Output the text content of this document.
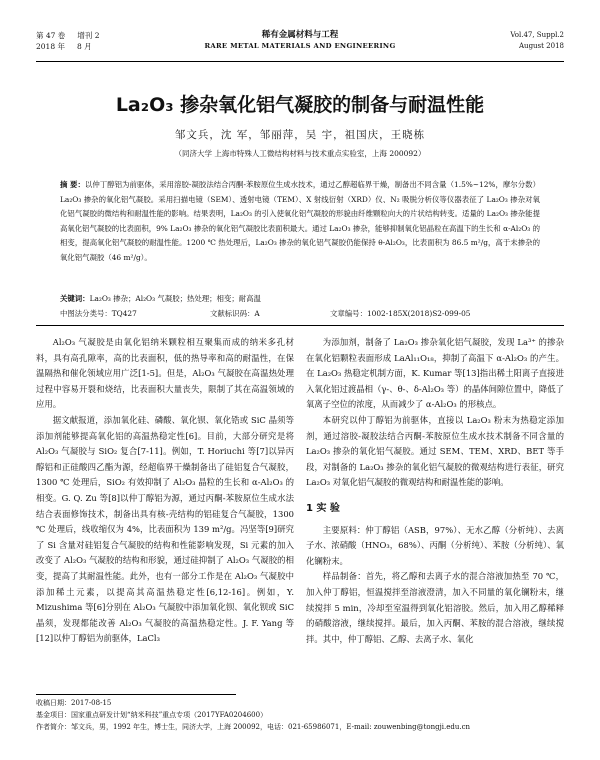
第 47 卷 增刊 2
2018 年 8 月
稀有金属材料与工程
RARE METAL MATERIALS AND ENGINEERING
Vol.47, Suppl.2
August 2018
La₂O₃ 掺杂氧化铝气凝胶的制备与耐温性能
邹文兵，沈 军，邹丽萍，吴 宇，祖国庆，王晓栋
（同济大学 上海市特殊人工微结构材料与技术重点实验室，上海 200092）
摘 要：以仲丁醇铝为前驱体，采用溶胶-凝胶法结合丙酮-苯胺原位生成水技术，通过乙醇超临界干燥，制备出不同含量（1.5%~12%，摩尔分数）La₂O₃ 掺杂的氧化铝气凝胶。采用扫描电镜（SEM）、透射电镜（TEM）、X 射线衍射（XRD）仪、N₂ 吸脱分析仪等仪器表征了 La₂O₃ 掺杂对氧化铝气凝胶的微结构和耐温性能的影响。结果表明，La₂O₃ 的引入使氧化铝气凝胶的形貌由纤维颗粒向大的片状结构转变。适量的 La₂O₃ 掺杂能提高氧化铝气凝胶的比表面积，9% La₂O₃ 掺杂的氧化铝气凝胶比表面积最大。通过 La₂O₃ 掺杂，能够抑制氧化铝晶粒在高温下的生长和 α-Al₂O₃ 的相变，提高氧化铝气凝胶的耐温性能。1200 ℃ 热处理后，La₂O₃ 掺杂的氧化铝气凝胶仍能保持 θ-Al₂O₃，比表面积为 86.5 m²/g，高于未掺杂的氧化铝气凝胶（46 m²/g）。
关键词：La₂O₃ 掺杂；Al₂O₃ 气凝胶；热处理；相变；耐高温
中图法分类号：TQ427	文献标识码：A	文章编号：1002-185X(2018)S2-099-05

Al₂O₃ 气凝胶是由氧化铝纳米颗粒相互聚集而成的纳米多孔材料，具有高孔隙率，高的比表面积，低的热导率和高的耐温性，在保温隔热和催化领域应用广泛[1-5]。但是，Al₂O₃ 气凝胶在高温热处理过程中容易开裂和烧结，比表面积大量丧失，限制了其在高温领域的应用。

据文献报道，添加氧化硅、磷酸、氧化钡、氧化锆或 SiC 晶须等添加剂能够提高氧化铝的高温热稳定性[6]。目前，大部分研究是将 Al₂O₃ 气凝胶与 SiO₂ 复合[7-11]。例如，T. Horiuchi 等[7]以异丙醇铝和正硅酸四乙酯为源，经超临界干燥制备出了硅铝复合气凝胶，1300 ℃ 处理后，SiO₂ 有效抑制了 Al₂O₃ 晶粒的生长和 α-Al₂O₃ 的相变。G. Q. Zu 等[8]以仲丁醇铝为源，通过丙酮-苯胺原位生成水法结合表面修饰技术，制备出具有核-壳结构的铝硅复合气凝胶，1300 ℃ 处理后，线收缩仅为 4%，比表面积为 139 m²/g。冯坚等[9]研究了 Si 含量对硅铝复合气凝胶的结构和性能影响发现，Si 元素的加入改变了 Al₂O₃ 气凝胶的结构和形貌，通过硅抑制了 Al₂O₃ 气凝胶的相变，提高了其耐温性能。此外，也有一部分工作是在 Al₂O₃ 气凝胶中添加稀土元素，以提高其高温热稳定性[6,12-16]。例如，Y. Mizushima 等[6]分别在 Al₂O₃ 气凝胶中添加氧化钡、氧化钡或 SiC 晶须，发现都能改善 Al₂O₃ 气凝胶的高温热稳定性。J. F. Yang 等[12]以仲丁醇铝为前驱体，LaCl₃

为添加剂，制备了 La₂O₃ 掺杂氧化铝气凝胶，发现 La³⁺ 的掺杂在氧化铝颗粒表面形成 LaAl₁₁O₁₈，抑制了高温下 α-Al₂O₃ 的产生。在 La₂O₃ 热稳定机制方面，K. Kumar 等[13]指出稀土阳离子直接进入氧化铝过渡晶相（γ-、θ-、δ-Al₂O₃ 等）的晶体间隙位置中，降低了氧离子空位的浓度，从而减少了 α-Al₂O₃ 的形核点。

本研究以仲丁醇铝为前驱体，直接以 La₂O₃ 粉末为热稳定添加剂，通过溶胶-凝胶法结合丙酮-苯胺原位生成水技术制备不同含量的 La₂O₃ 掺杂的氧化铝气凝胶。通过 SEM、TEM、XRD、BET 等手段，对制备的 La₂O₃ 掺杂的氧化铝气凝胶的微观结构进行表征，研究 La₂O₃ 对氧化铝气凝胶的微观结构和耐温性能的影响。

1 实 验

主要原料：仲丁醇铝（ASB，97%）、无水乙醇（分析纯）、去离子水、浓硝酸（HNO₃，68%）、丙酮（分析纯）、苯胺（分析纯）、氧化镧粉末。

样品制备：首先，将乙醇和去离子水的混合溶液加热至 70 ℃，加入仲丁醇铝，恒温搅拌至溶液澄清，加入不同量的氧化镧粉末，继续搅拌 5 min，冷却至室温得到氧化铝溶胶。然后，加入用乙醇稀释的硝酸溶液，继续搅拌。最后，加入丙酮、苯胺的混合溶液，继续搅拌。其中，仲丁醇铝、乙醇、去离子水、氧化

收稿日期：2017-08-15
基金项目：国家重点研发计划“纳米科技”重点专项（2017YFA0204600）
作者简介：邹文兵，男，1992 年生，博士生，同济大学，上海 200092，电话：021-65986071，E-mail: zouwenbing@tongji.edu.cn
